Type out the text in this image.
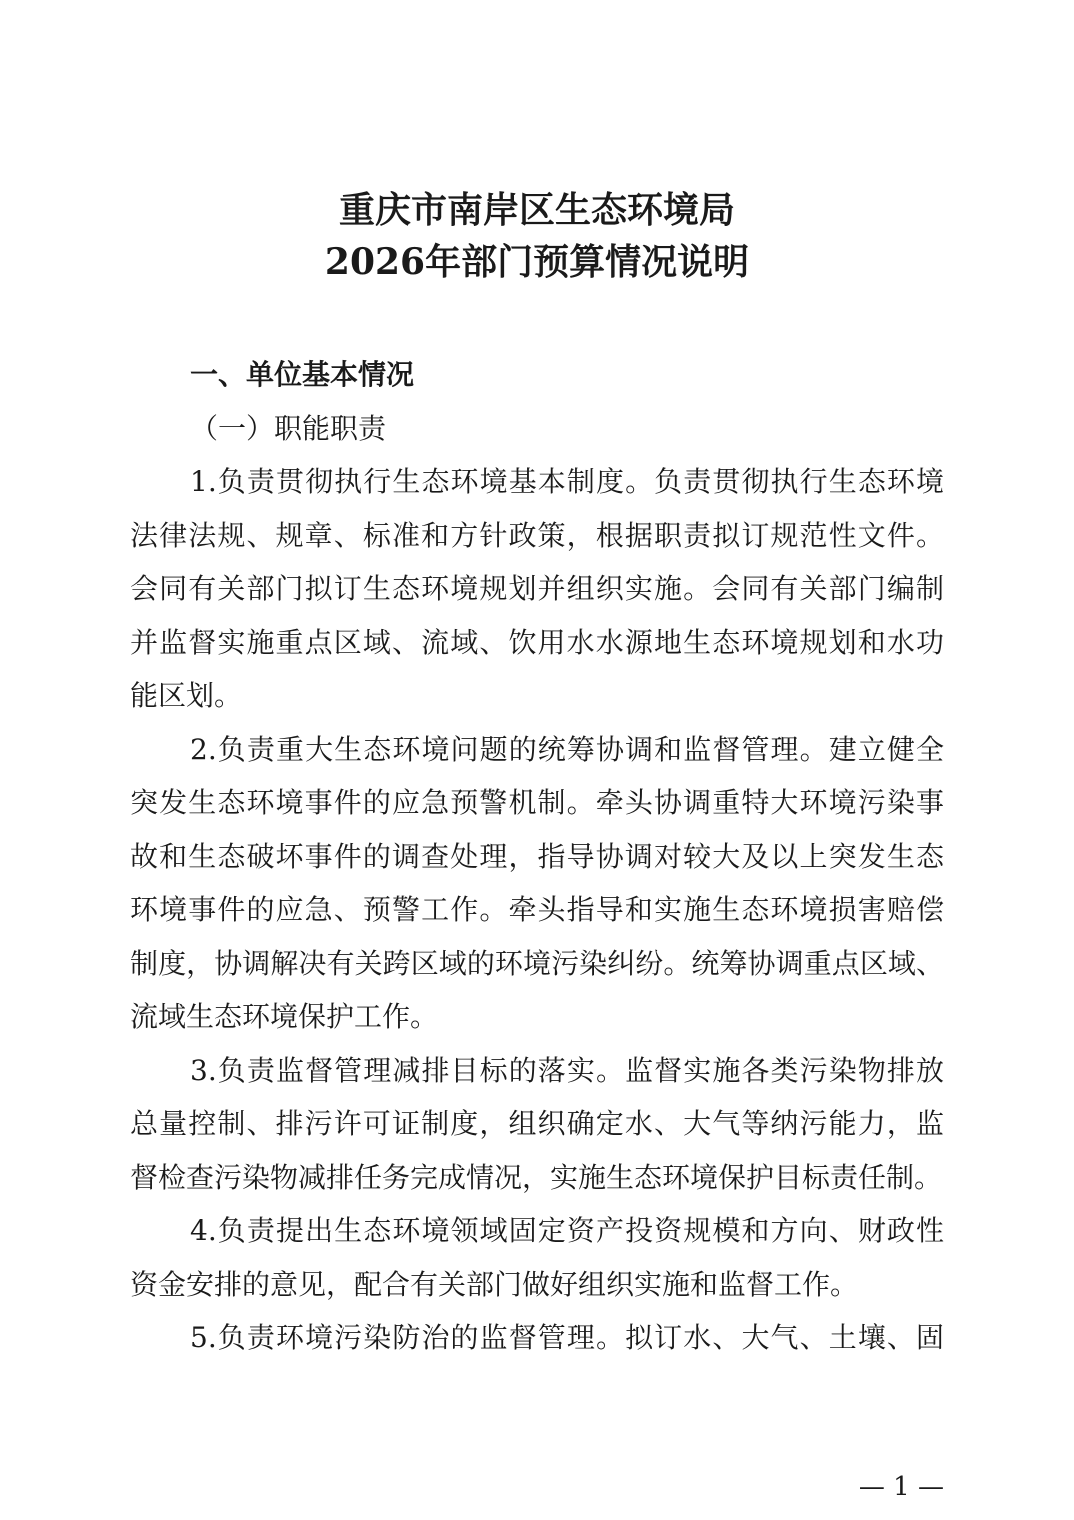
重庆市南岸区生态环境局
2026年部门预算情况说明
一、单位基本情况
（一）职能职责
1.负责贯彻执行生态环境基本制度。负责贯彻执行生态环境
法律法规、规章、标准和方针政策，根据职责拟订规范性文件。
会同有关部门拟订生态环境规划并组织实施。会同有关部门编制
并监督实施重点区域、流域、饮用水水源地生态环境规划和水功
能区划。
2.负责重大生态环境问题的统筹协调和监督管理。建立健全
突发生态环境事件的应急预警机制。牵头协调重特大环境污染事
故和生态破坏事件的调查处理，指导协调对较大及以上突发生态
环境事件的应急、预警工作。牵头指导和实施生态环境损害赔偿
制度，协调解决有关跨区域的环境污染纠纷。统筹协调重点区域、
流域生态环境保护工作。
3.负责监督管理减排目标的落实。监督实施各类污染物排放
总量控制、排污许可证制度，组织确定水、大气等纳污能力，监
督检查污染物减排任务完成情况，实施生态环境保护目标责任制。
4.负责提出生态环境领域固定资产投资规模和方向、财政性
资金安排的意见，配合有关部门做好组织实施和监督工作。
5.负责环境污染防治的监督管理。拟订水、大气、土壤、固
— 1 —
